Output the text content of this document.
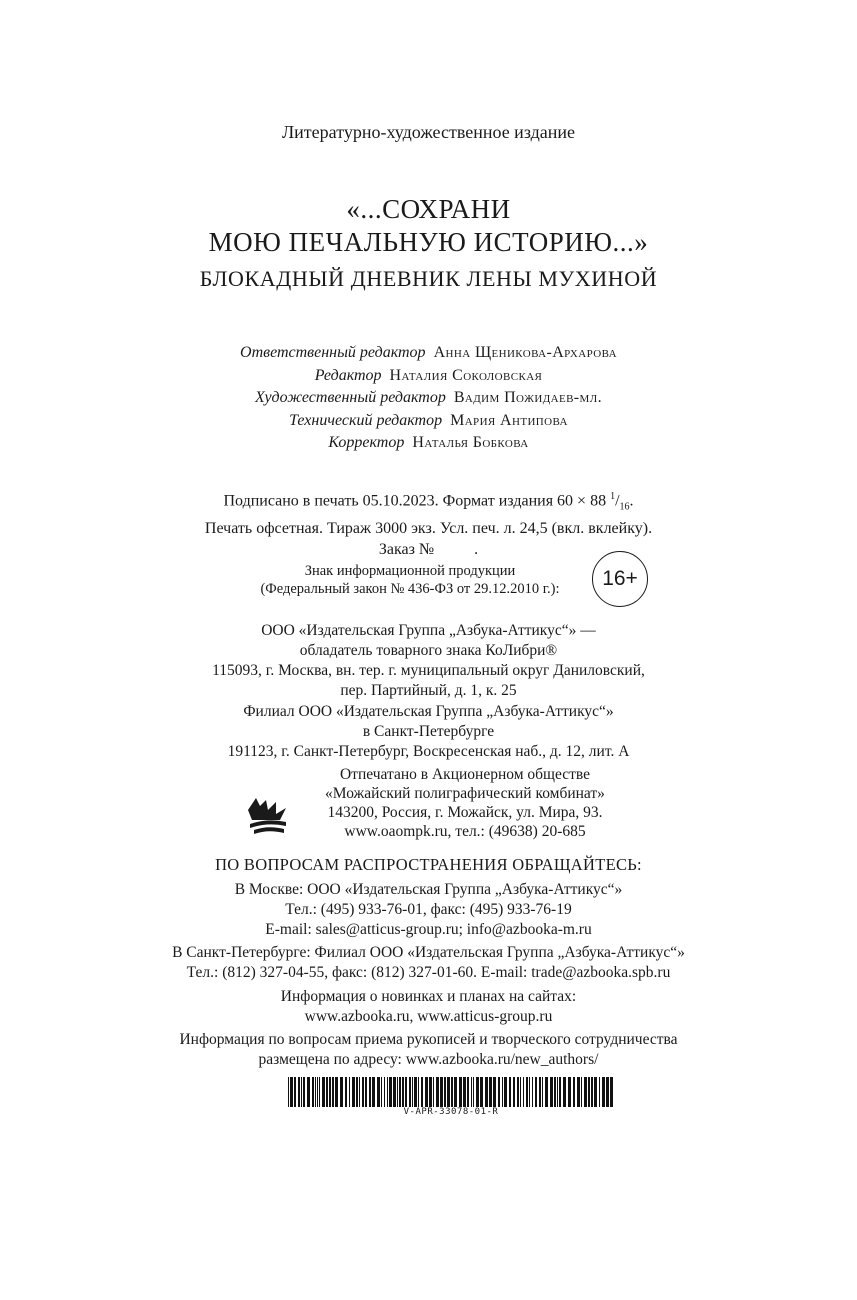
Литературно-художественное издание
«...СОХРАНИ
МОЮ ПЕЧАЛЬНУЮ ИСТОРИЮ...»
БЛОКАДНЫЙ ДНЕВНИК ЛЕНЫ МУХИНОЙ
Ответственный редактор Анна Щеникова-Архарова
Редактор Наталия Соколовская
Художественный редактор Вадим Пожидаев-мл.
Технический редактор Мария Антипова
Корректор Наталья Бобкова
Подписано в печать 05.10.2023. Формат издания 60 × 88 $^1/_{16}$.
Печать офсетная. Тираж 3000 экз. Усл. печ. л. 24,5 (вкл. вклейку).
Заказ №          .
Знак информационной продукции
(Федеральный закон № 436-ФЗ от 29.12.2010 г.):	16+
ООО «Издательская Группа „Азбука-Аттикус“» —
обладатель товарного знака КоЛибри®
115093, г. Москва, вн. тер. г. муниципальный округ Даниловский,
пер. Партийный, д. 1, к. 25
Филиал ООО «Издательская Группа „Азбука-Аттикус“»
в Санкт-Петербурге
191123, г. Санкт-Петербург, Воскресенская наб., д. 12, лит. А
Отпечатано в Акционерном обществе
«Можайский полиграфический комбинат»
143200, Россия, г. Можайск, ул. Мира, 93.
www.oaompk.ru, тел.: (49638) 20-685
ПО ВОПРОСАМ РАСПРОСТРАНЕНИЯ ОБРАЩАЙТЕСЬ:
В Москве: ООО «Издательская Группа „Азбука-Аттикус“»
Тел.: (495) 933-76-01, факс: (495) 933-76-19
E-mail: sales@atticus-group.ru; info@azbooka-m.ru
В Санкт-Петербурге: Филиал ООО «Издательская Группа „Азбука-Аттикус“»
Тел.: (812) 327-04-55, факс: (812) 327-01-60. E-mail: trade@azbooka.spb.ru
Информация о новинках и планах на сайтах:
www.azbooka.ru, www.atticus-group.ru
Информация по вопросам приема рукописей и творческого сотрудничества
размещена по адресу: www.azbooka.ru/new_authors/
V-APR-33078-01-R
